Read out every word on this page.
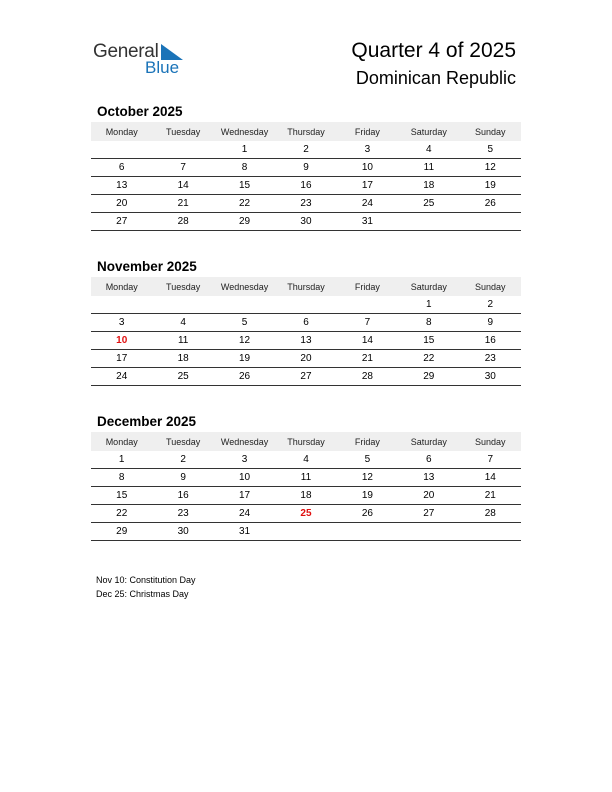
General
Blue
Quarter 4 of 2025
Dominican Republic
October 2025
Monday	Tuesday	Wednesday	Thursday	Friday	Saturday	Sunday
		1	2	3	4	5
6	7	8	9	10	11	12
13	14	15	16	17	18	19
20	21	22	23	24	25	26
27	28	29	30	31		
November 2025
Monday	Tuesday	Wednesday	Thursday	Friday	Saturday	Sunday
					1	2
3	4	5	6	7	8	9
10	11	12	13	14	15	16
17	18	19	20	21	22	23
24	25	26	27	28	29	30
December 2025
Monday	Tuesday	Wednesday	Thursday	Friday	Saturday	Sunday
1	2	3	4	5	6	7
8	9	10	11	12	13	14
15	16	17	18	19	20	21
22	23	24	25	26	27	28
29	30	31				
Nov 10: Constitution Day
Dec 25: Christmas Day
